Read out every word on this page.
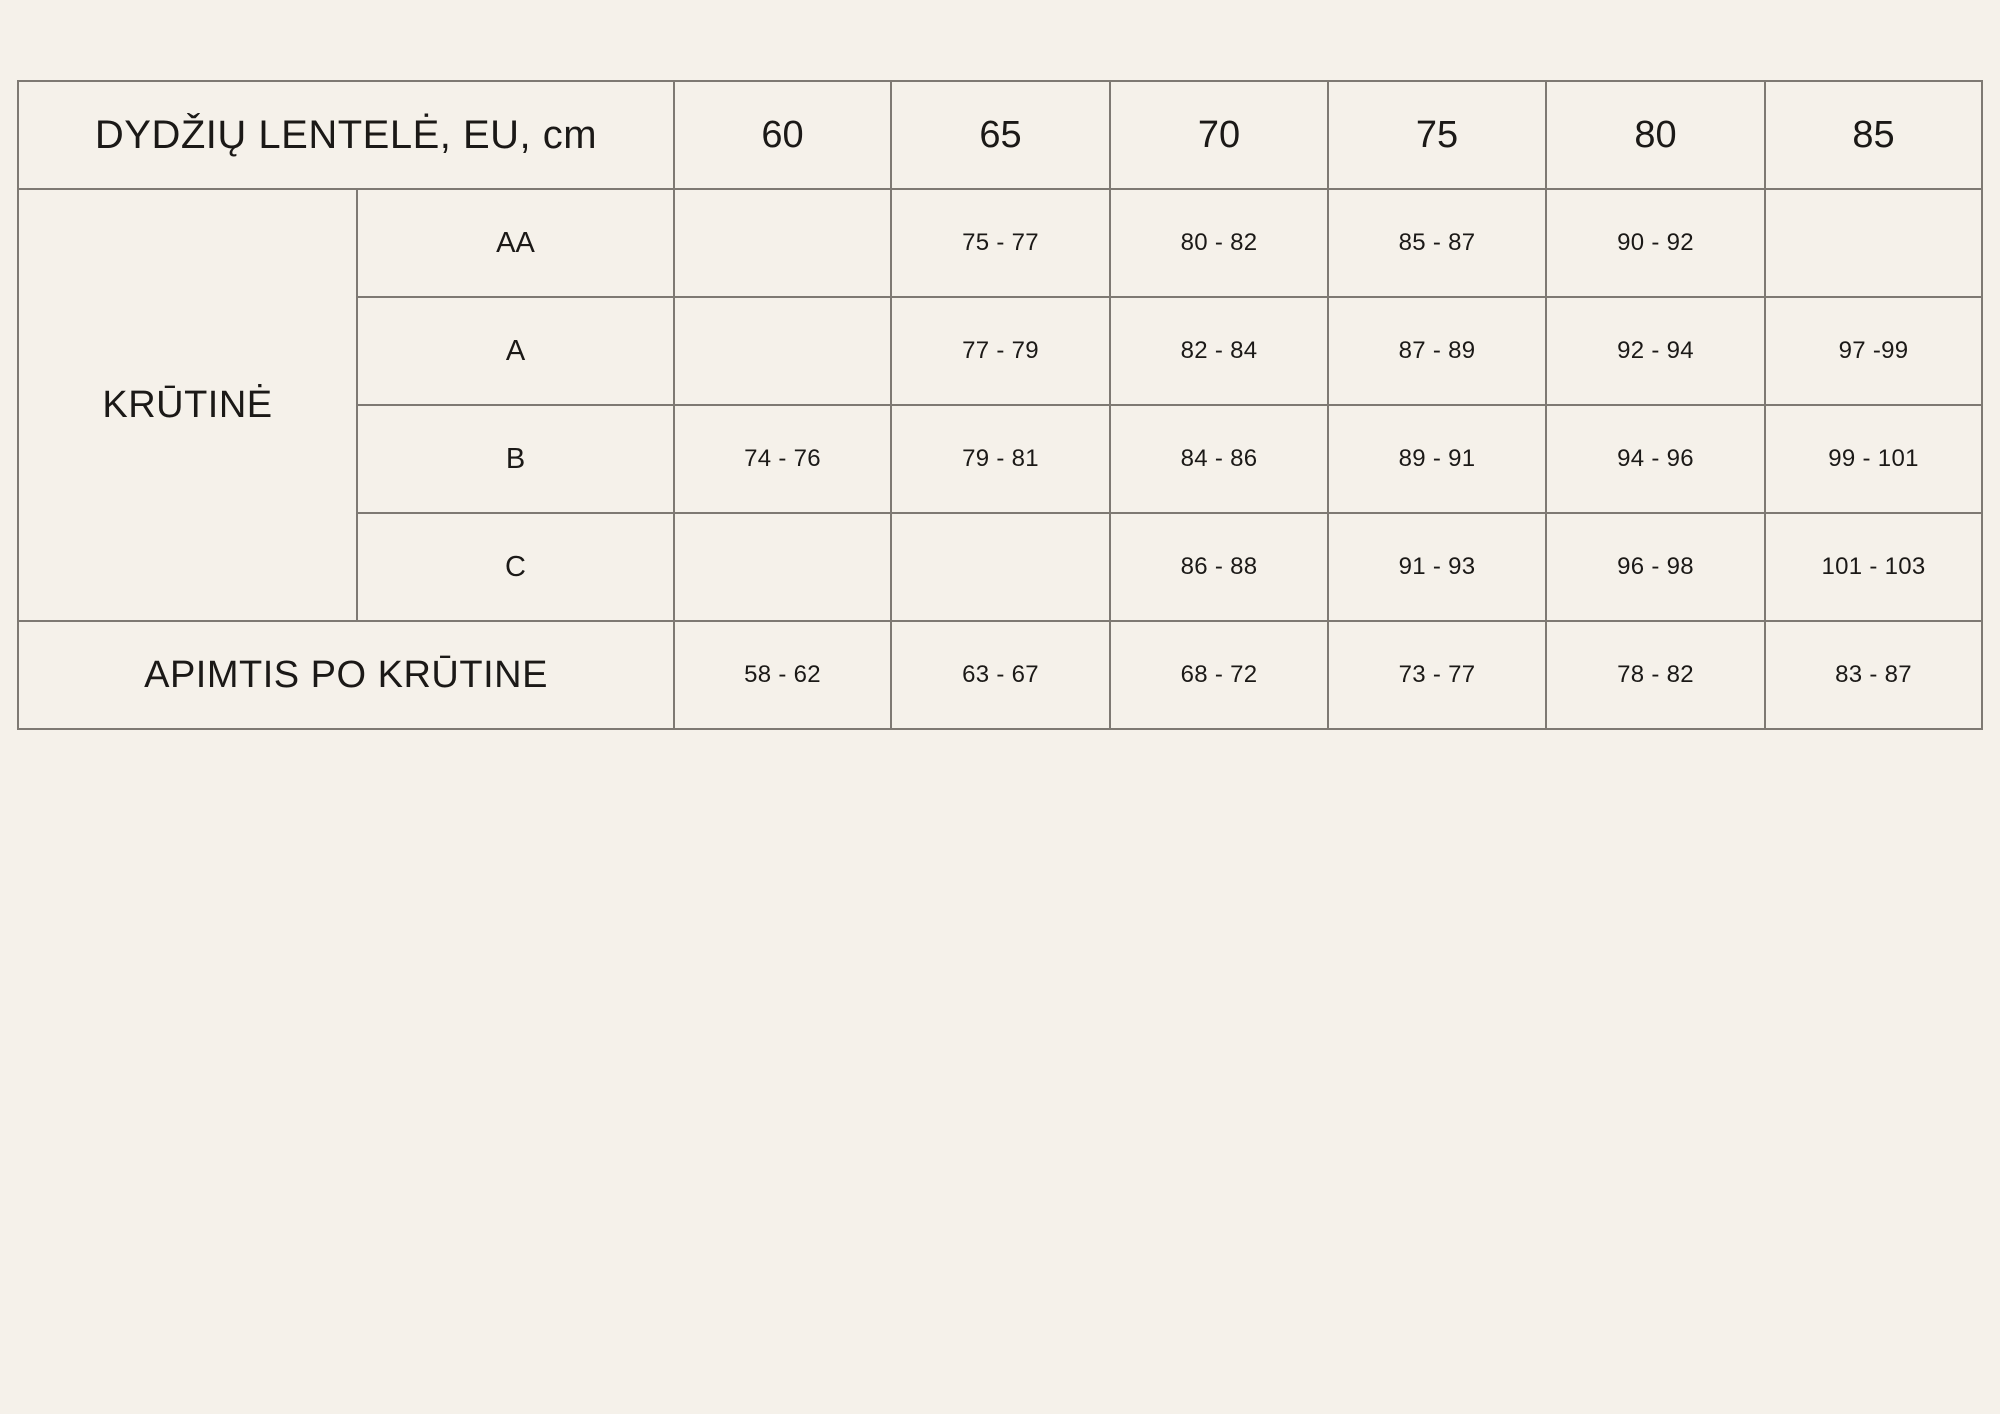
DYDŽIŲ LENTELĖ, EU, cm		60	65	70	75	80	85
KRŪTINĖ	AA		75 - 77	80 - 82	85 - 87	90 - 92	
	A		77 - 79	82 - 84	87 - 89	92 - 94	97 -99
	B	74 - 76	79 - 81	84 - 86	89 - 91	94 - 96	99 - 101
	C			86 - 88	91 - 93	96 - 98	101 - 103
APIMTIS PO KRŪTINE		58 - 62	63 - 67	68 - 72	73 - 77	78 - 82	83 - 87
